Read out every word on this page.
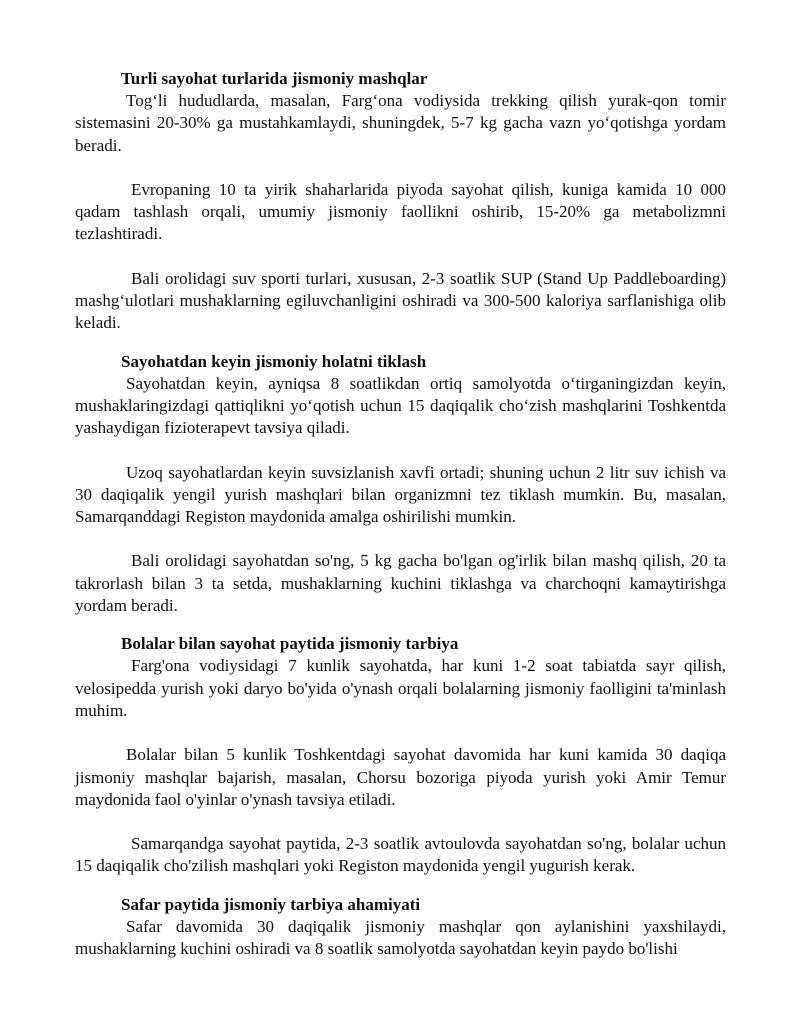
Turli sayohat turlarida jismoniy mashqlar

Tog‘li hududlarda, masalan, Farg‘ona vodiysida trekking qilish yurak-qon tomir sistemasini 20-30% ga mustahkamlaydi, shuningdek, 5-7 kg gacha vazn yo‘qotishga yordam beradi.

Evropaning 10 ta yirik shaharlarida piyoda sayohat qilish, kuniga kamida 10 000 qadam tashlash orqali, umumiy jismoniy faollikni oshirib, 15-20% ga metabolizmni tezlashtiradi.

Bali orolidagi suv sporti turlari, xususan, 2-3 soatlik SUP (Stand Up Paddleboarding) mashg‘ulotlari mushaklarning egiluvchanligini oshiradi va 300-500 kaloriya sarflanishiga olib keladi.

Sayohatdan keyin jismoniy holatni tiklash

Sayohatdan keyin, ayniqsa 8 soatlikdan ortiq samolyotda o‘tirganingizdan keyin, mushaklaringizdagi qattiqlikni yo‘qotish uchun 15 daqiqalik cho‘zish mashqlarini Toshkentda yashaydigan fizioterapevt tavsiya qiladi.

Uzoq sayohatlardan keyin suvsizlanish xavfi ortadi; shuning uchun 2 litr suv ichish va 30 daqiqalik yengil yurish mashqlari bilan organizmni tez tiklash mumkin. Bu, masalan, Samarqanddagi Registon maydonida amalga oshirilishi mumkin.

Bali orolidagi sayohatdan so'ng, 5 kg gacha bo'lgan og'irlik bilan mashq qilish, 20 ta takrorlash bilan 3 ta setda, mushaklarning kuchini tiklashga va charchoqni kamaytirishga yordam beradi.

Bolalar bilan sayohat paytida jismoniy tarbiya

Farg'ona vodiysidagi 7 kunlik sayohatda, har kuni 1-2 soat tabiatda sayr qilish, velosipedda yurish yoki daryo bo'yida o'ynash orqali bolalarning jismoniy faolligini ta'minlash muhim.

Bolalar bilan 5 kunlik Toshkentdagi sayohat davomida har kuni kamida 30 daqiqa jismoniy mashqlar bajarish, masalan, Chorsu bozoriga piyoda yurish yoki Amir Temur maydonida faol o'yinlar o'ynash tavsiya etiladi.

Samarqandga sayohat paytida, 2-3 soatlik avtoulovda sayohatdan so'ng, bolalar uchun 15 daqiqalik cho'zilish mashqlari yoki Registon maydonida yengil yugurish kerak.

Safar paytida jismoniy tarbiya ahamiyati

Safar davomida 30 daqiqalik jismoniy mashqlar qon aylanishini yaxshilaydi, mushaklarning kuchini oshiradi va 8 soatlik samolyotda sayohatdan keyin paydo bo'lishi
